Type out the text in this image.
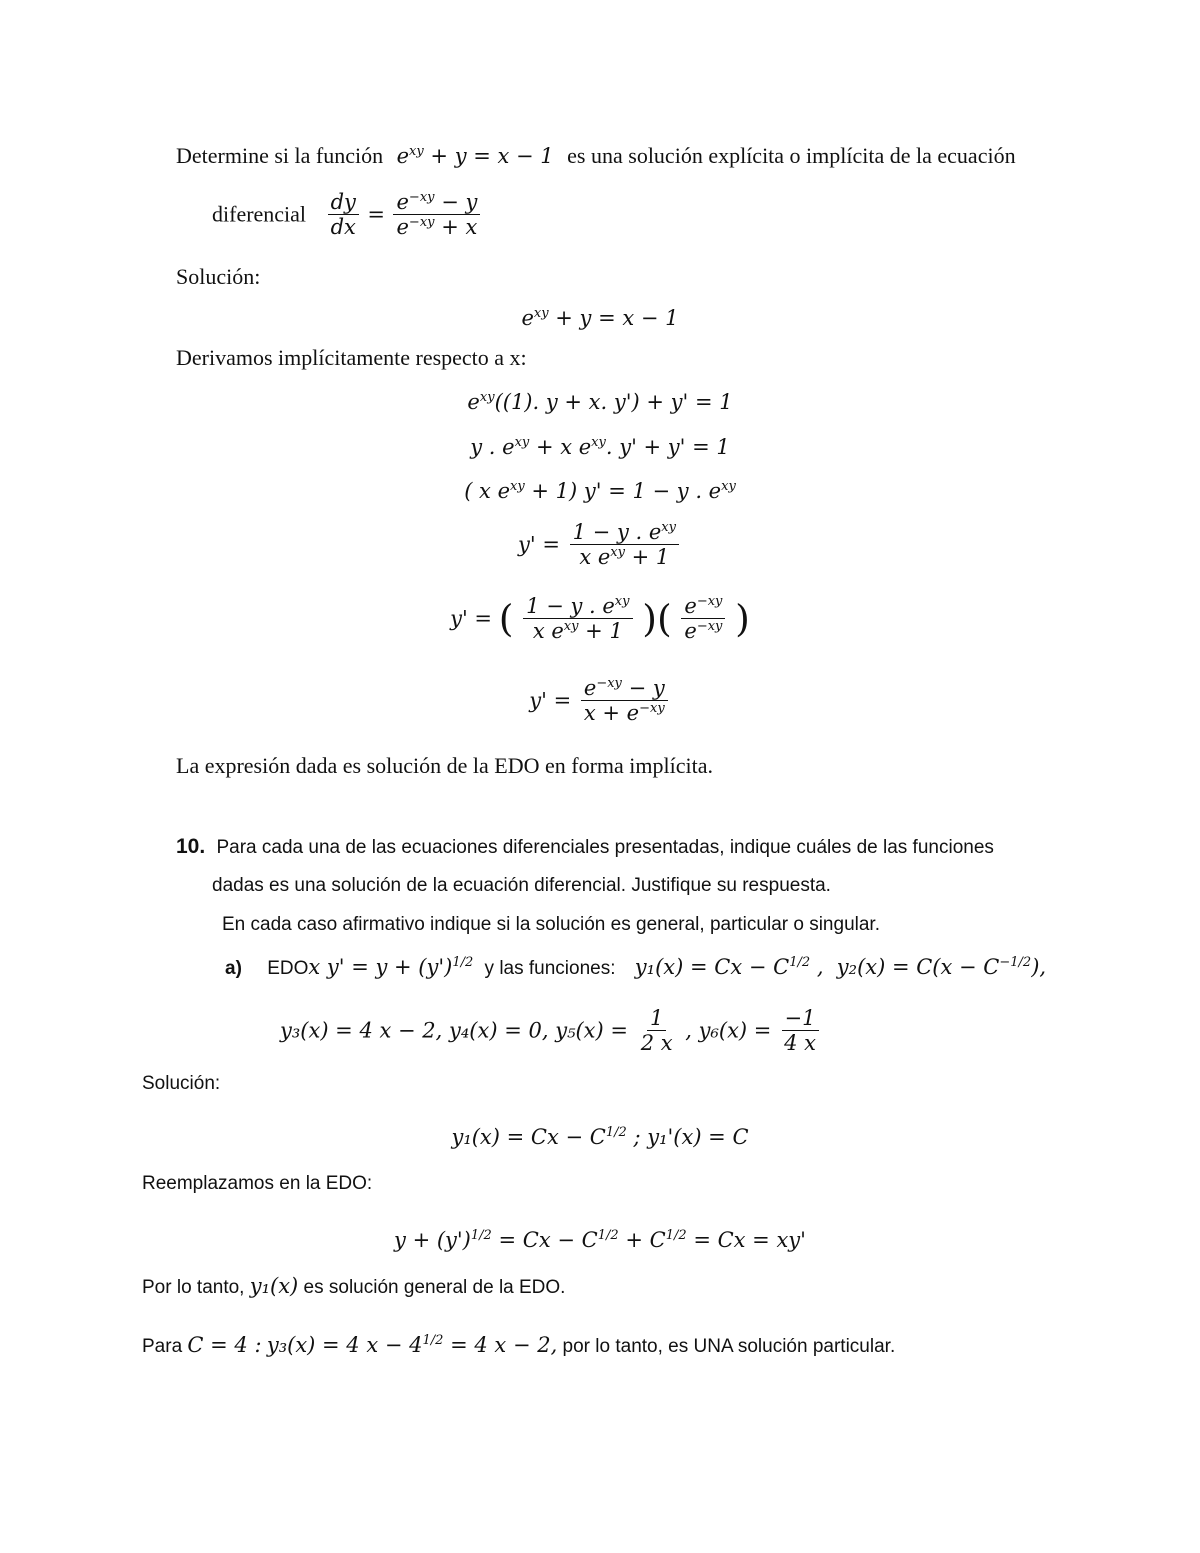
Determine si la función $e^{xy} + y = x - 1$ es una solución explícita o implícita de la ecuación
diferencial $\frac{dy}{dx} = \frac{e^{-xy} - y}{e^{-xy} + x}$
Solución:
$e^{xy} + y = x - 1$
Derivamos implícitamente respecto a x:
$e^{xy}((1)$. y + x. y') + y' = 1
y . $e^{xy} + x$ $e^{xy}$. y' + y' = 1
( x $e^{xy} + 1$) y' = 1 − y . $e^{xy}$
$y' = \frac{1 - y . e^{xy}}{x e^{xy} + 1}$
y' = ( $\frac{1 - y . e^{xy}}{x e^{xy} + 1}$ )( $\frac{e^{-xy}}{e^{-xy}}$ )
$y' = \frac{e^{-xy} - y}{x + e^{-xy}}$
La expresión dada es solución de la EDO en forma implícita.
10. Para cada una de las ecuaciones diferenciales presentadas, indique cuáles de las funciones
dadas es una solución de la ecuación diferencial. Justifique su respuesta.
En cada caso afirmativo indique si la solución es general, particular o singular.
a) EDOx $y' = y + (y')^{1/2}$ y las funciones: $y_1(x) = Cx - C^{1/2}$ , $y_2(x) = C(x - C^{-1/2})$,
y₃(x) = 4 x − 2, y₄(x) = 0, $y_5(x) = \frac{1}{2 x}$ , $y_6(x) = \frac{-1}{4 x}$
Solución:
$y_1(x) = Cx - C^{1/2}$ ; y₁'(x) = C
Reemplazamos en la EDO:
$y + (y')^{1/2} = Cx - C^{1/2} + C^{1/2} = Cx = xy'$
Por lo tanto, y₁(x) es solución general de la EDO.
Para C = 4 : y₃(x) = 4 $x - 4^{1/2} = 4$ x − 2, por lo tanto, es UNA solución particular.
